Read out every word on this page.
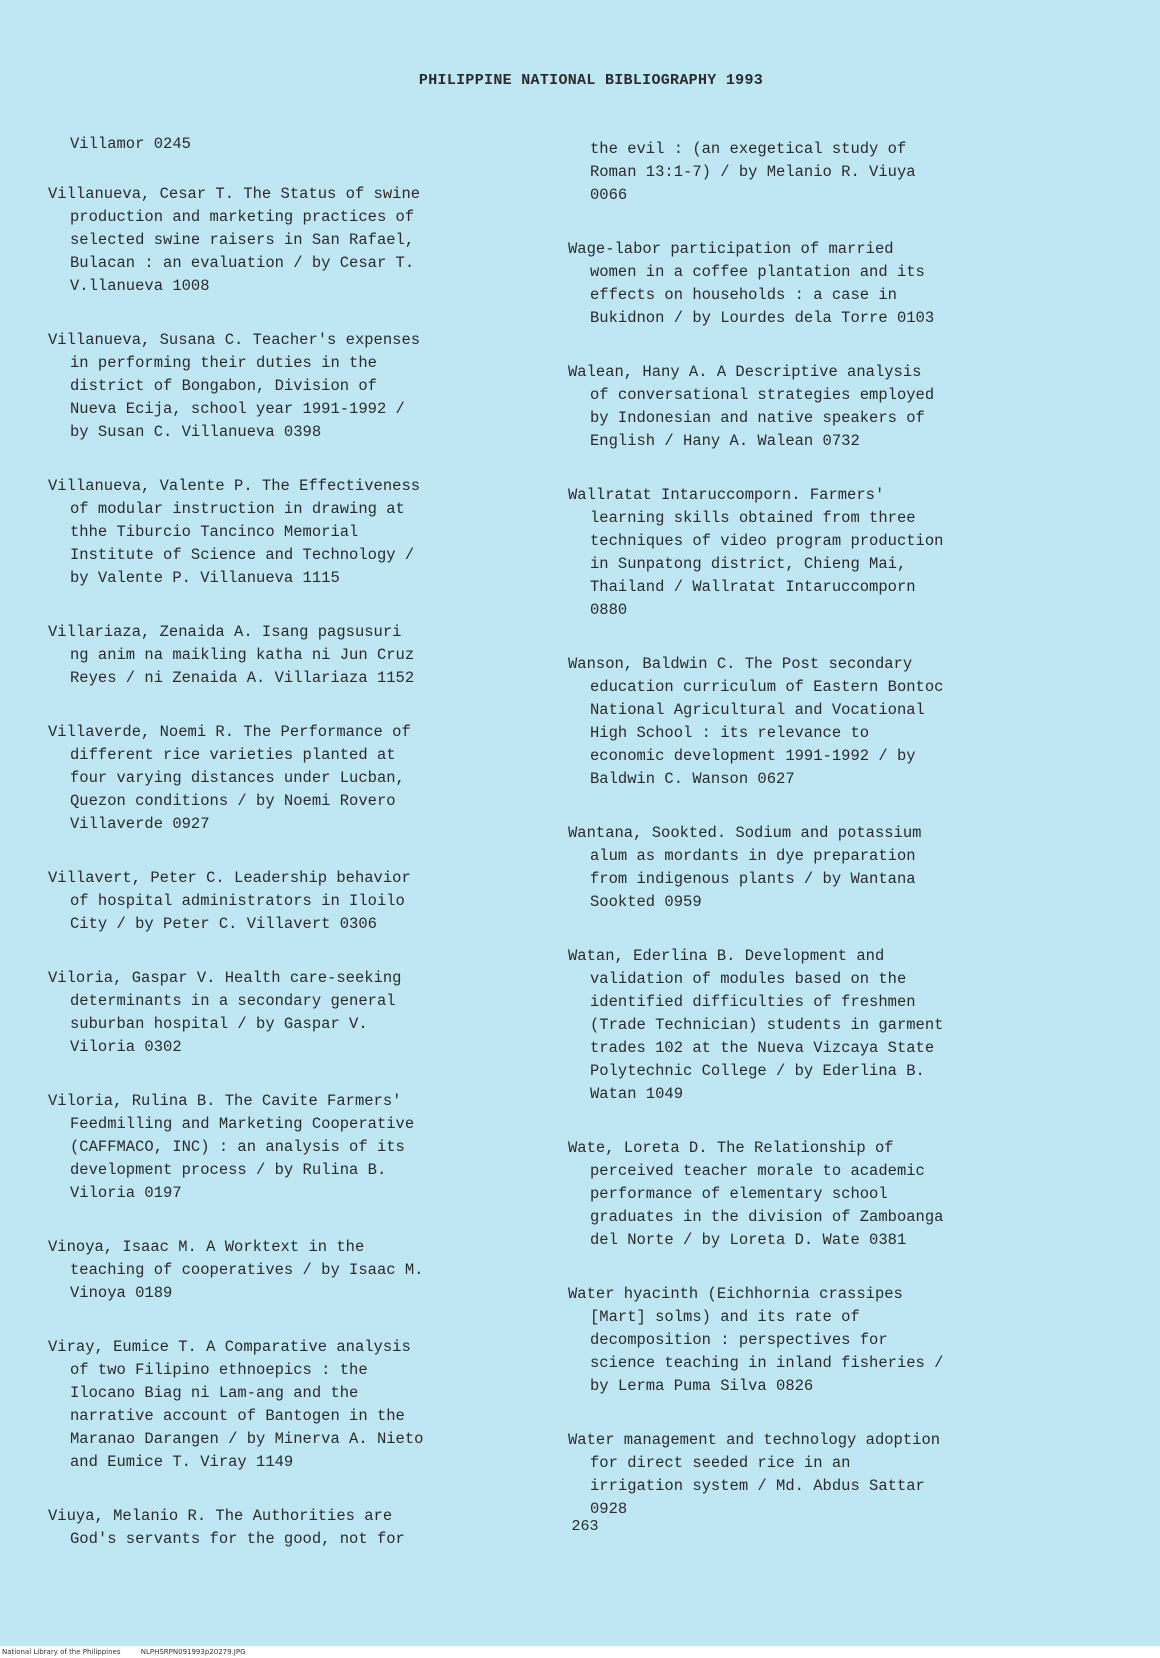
PHILIPPINE NATIONAL BIBLIOGRAPHY 1993
Villamor 0245
Villanueva, Cesar T. The Status of swine
production and marketing practices of
selected swine raisers in San Rafael,
Bulacan : an evaluation / by Cesar T.
V.llanueva 1008
Villanueva, Susana C. Teacher's expenses
in performing their duties in the
district of Bongabon, Division of
Nueva Ecija, school year 1991-1992 /
by Susan C. Villanueva 0398
Villanueva, Valente P. The Effectiveness
of modular instruction in drawing at
thhe Tiburcio Tancinco Memorial
Institute of Science and Technology /
by Valente P. Villanueva 1115
Villariaza, Zenaida A. Isang pagsusuri
ng anim na maikling katha ni Jun Cruz
Reyes / ni Zenaida A. Villariaza 1152
Villaverde, Noemi R. The Performance of
different rice varieties planted at
four varying distances under Lucban,
Quezon conditions / by Noemi Rovero
Villaverde 0927
Villavert, Peter C. Leadership behavior
of hospital administrators in Iloilo
City / by Peter C. Villavert 0306
Viloria, Gaspar V. Health care-seeking
determinants in a secondary general
suburban hospital / by Gaspar V.
Viloria 0302
Viloria, Rulina B. The Cavite Farmers'
Feedmilling and Marketing Cooperative
(CAFFMACO, INC) : an analysis of its
development process / by Rulina B.
Viloria 0197
Vinoya, Isaac M. A Worktext in the
teaching of cooperatives / by Isaac M.
Vinoya 0189
Viray, Eumice T. A Comparative analysis
of two Filipino ethnoepics : the
Ilocano Biag ni Lam-ang and the
narrative account of Bantogen in the
Maranao Darangen / by Minerva A. Nieto
and Eumice T. Viray 1149
Viuya, Melanio R. The Authorities are
God's servants for the good, not for
the evil : (an exegetical study of
Roman 13:1-7) / by Melanio R. Viuya
0066
Wage-labor participation of married
women in a coffee plantation and its
effects on households : a case in
Bukidnon / by Lourdes dela Torre 0103
Walean, Hany A. A Descriptive analysis
of conversational strategies employed
by Indonesian and native speakers of
English / Hany A. Walean 0732
Wallratat Intaruccomporn. Farmers'
learning skills obtained from three
techniques of video program production
in Sunpatong district, Chieng Mai,
Thailand / Wallratat Intaruccomporn
0880
Wanson, Baldwin C. The Post secondary
education curriculum of Eastern Bontoc
National Agricultural and Vocational
High School : its relevance to
economic development 1991-1992 / by
Baldwin C. Wanson 0627
Wantana, Sookted. Sodium and potassium
alum as mordants in dye preparation
from indigenous plants / by Wantana
Sookted 0959
Watan, Ederlina B. Development and
validation of modules based on the
identified difficulties of freshmen
(Trade Technician) students in garment
trades 102 at the Nueva Vizcaya State
Polytechnic College / by Ederlina B.
Watan 1049
Wate, Loreta D. The Relationship of
perceived teacher morale to academic
performance of elementary school
graduates in the division of Zamboanga
del Norte / by Loreta D. Wate 0381
Water hyacinth (Eichhornia crassipes
[Mart] solms) and its rate of
decomposition : perspectives for
science teaching in inland fisheries /
by Lerma Puma Silva 0826
Water management and technology adoption
for direct seeded rice in an
irrigation system / Md. Abdus Sattar
0928
263
National Library of the Philippines	NLPHSRPN091993p20279.JPG
